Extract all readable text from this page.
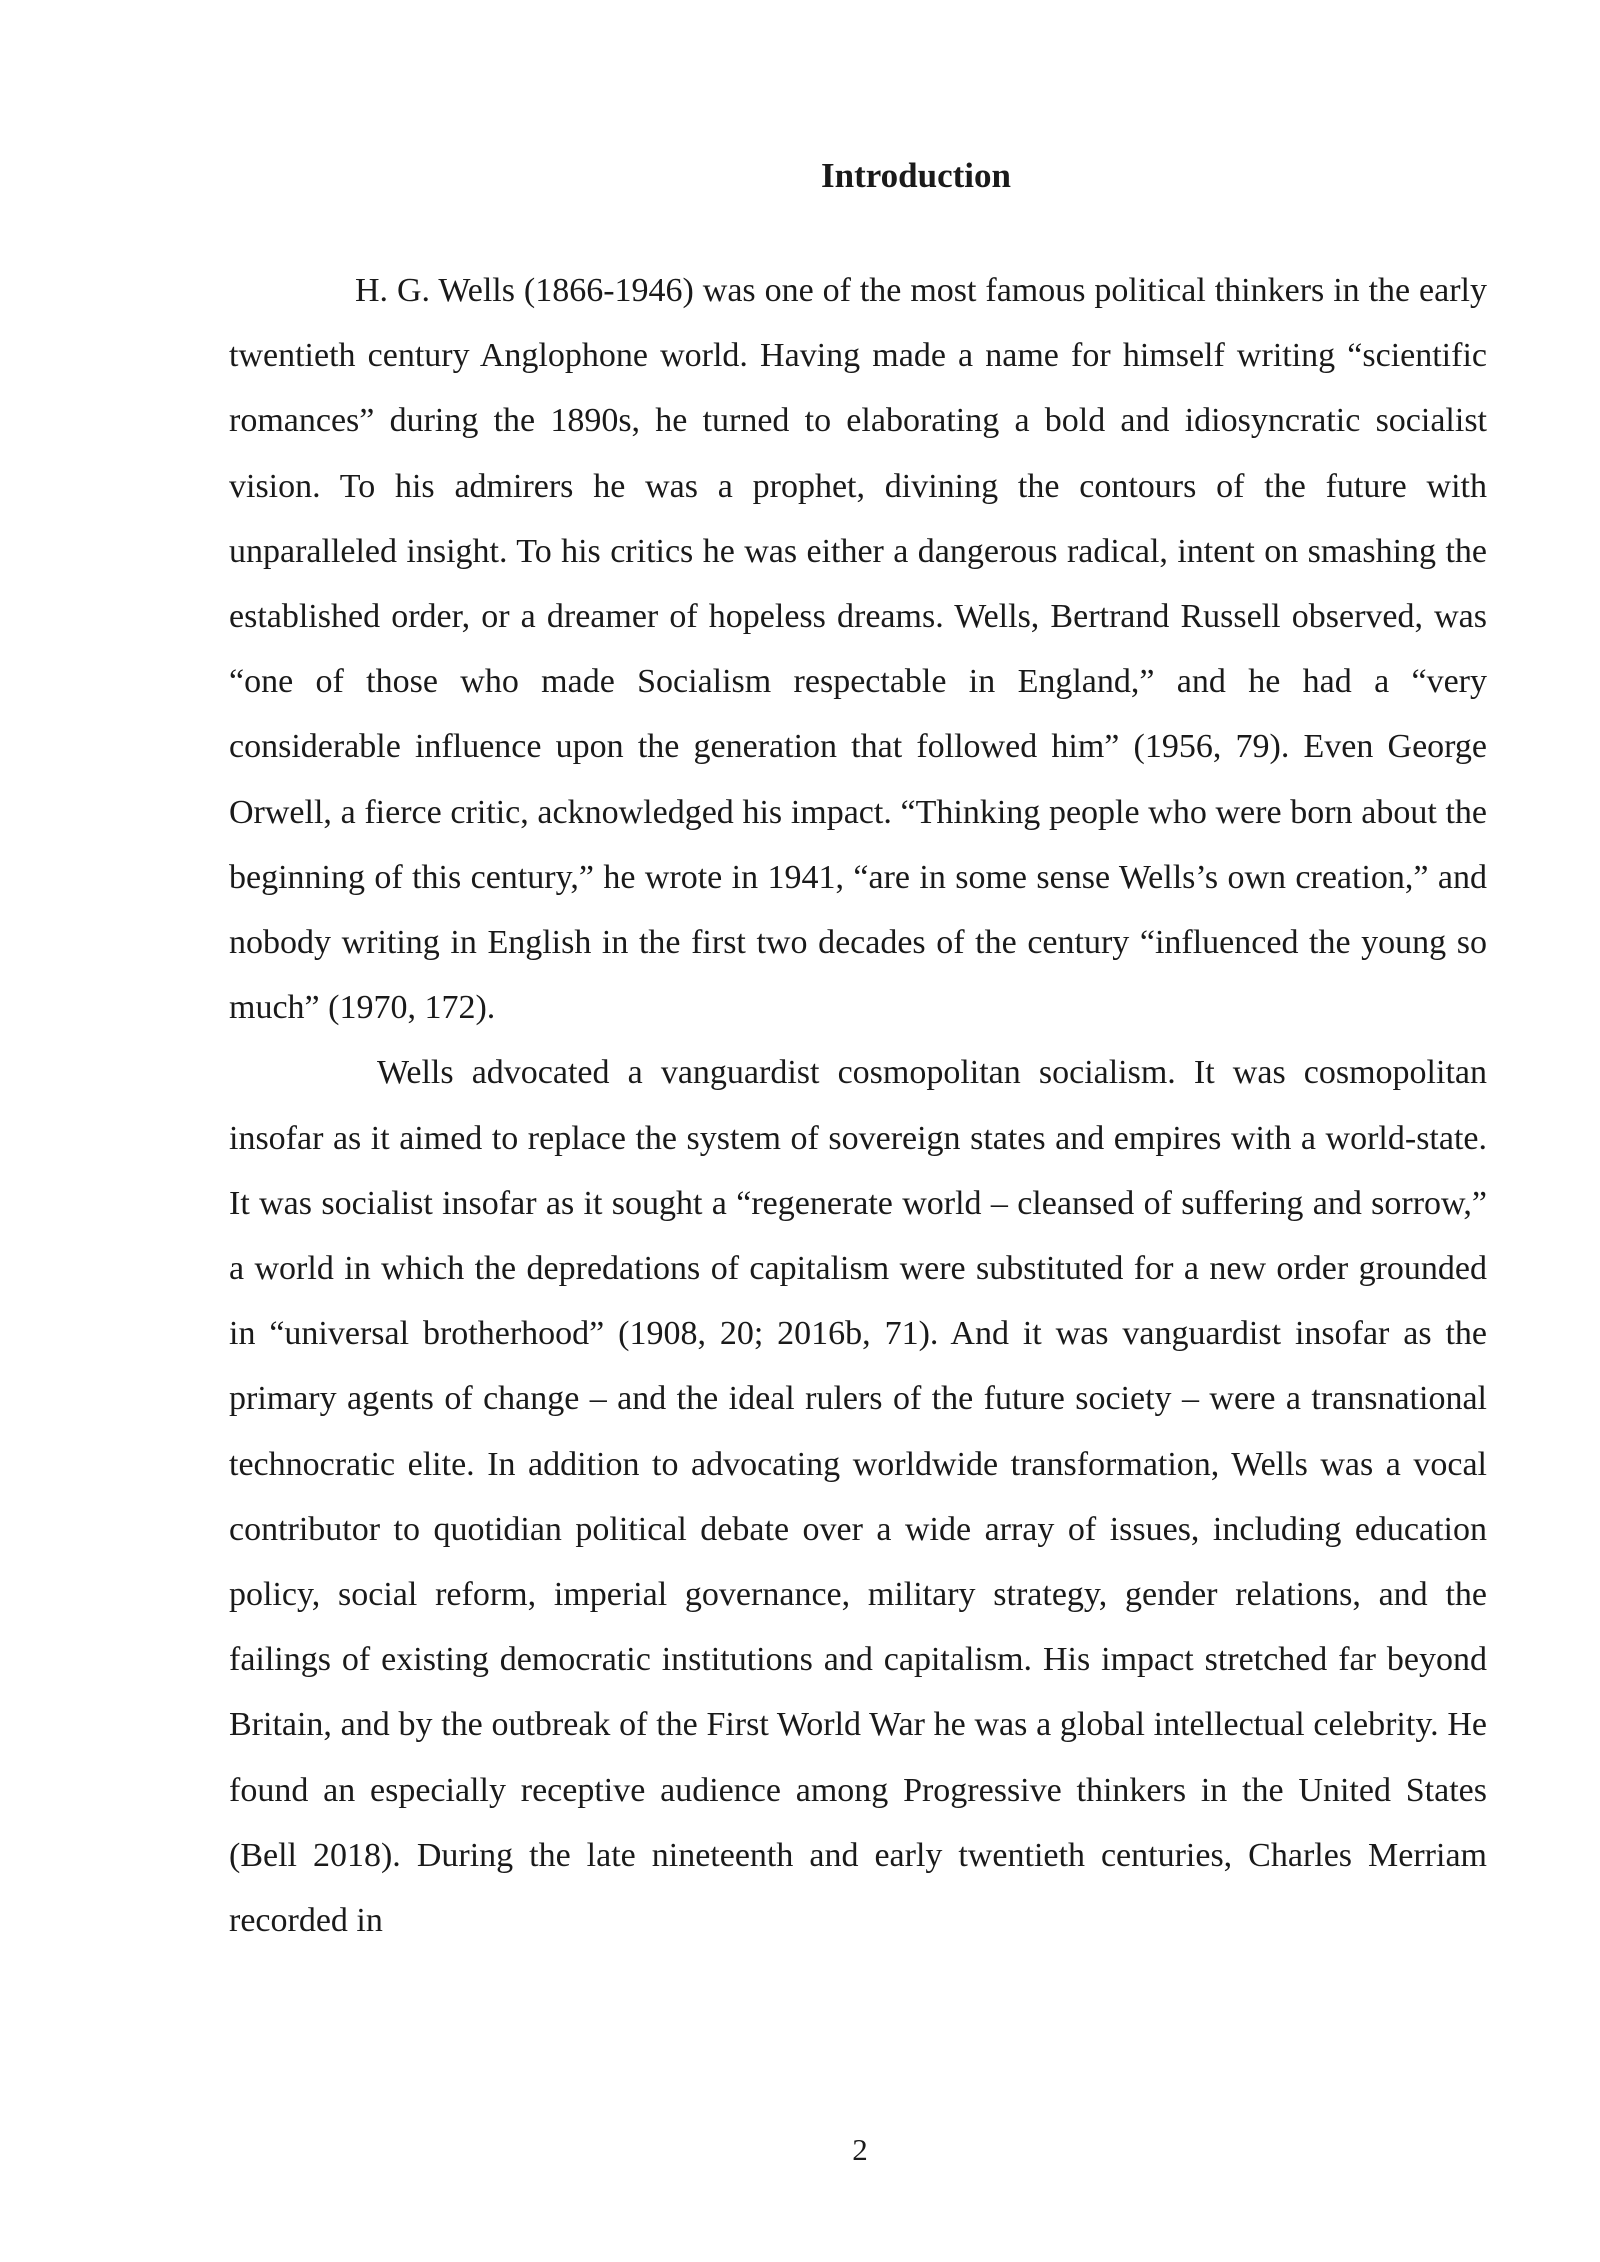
Introduction

H. G. Wells (1866-1946) was one of the most famous political thinkers in the early twentieth century Anglophone world. Having made a name for himself writing “scientific romances” during the 1890s, he turned to elaborating a bold and idiosyncratic socialist vision. To his admirers he was a prophet, divining the contours of the future with unparalleled insight. To his critics he was either a dangerous radical, intent on smashing the established order, or a dreamer of hopeless dreams. Wells, Bertrand Russell observed, was “one of those who made Socialism respectable in England,” and he had a “very considerable influence upon the generation that followed him” (1956, 79). Even George Orwell, a fierce critic, acknowledged his impact. “Thinking people who were born about the beginning of this century,” he wrote in 1941, “are in some sense Wells’s own creation,” and nobody writing in English in the first two decades of the century “influenced the young so much” (1970, 172).

Wells advocated a vanguardist cosmopolitan socialism. It was cosmopolitan insofar as it aimed to replace the system of sovereign states and empires with a world-state. It was socialist insofar as it sought a “regenerate world – cleansed of suffering and sorrow,” a world in which the depredations of capitalism were substituted for a new order grounded in “universal brotherhood” (1908, 20; 2016b, 71). And it was vanguardist insofar as the primary agents of change – and the ideal rulers of the future society – were a transnational technocratic elite. In addition to advocating worldwide transformation, Wells was a vocal contributor to quotidian political debate over a wide array of issues, including education policy, social reform, imperial governance, military strategy, gender relations, and the failings of existing democratic institutions and capitalism. His impact stretched far beyond Britain, and by the outbreak of the First World War he was a global intellectual celebrity. He found an especially receptive audience among Progressive thinkers in the United States (Bell 2018). During the late nineteenth and early twentieth centuries, Charles Merriam recorded in

2
